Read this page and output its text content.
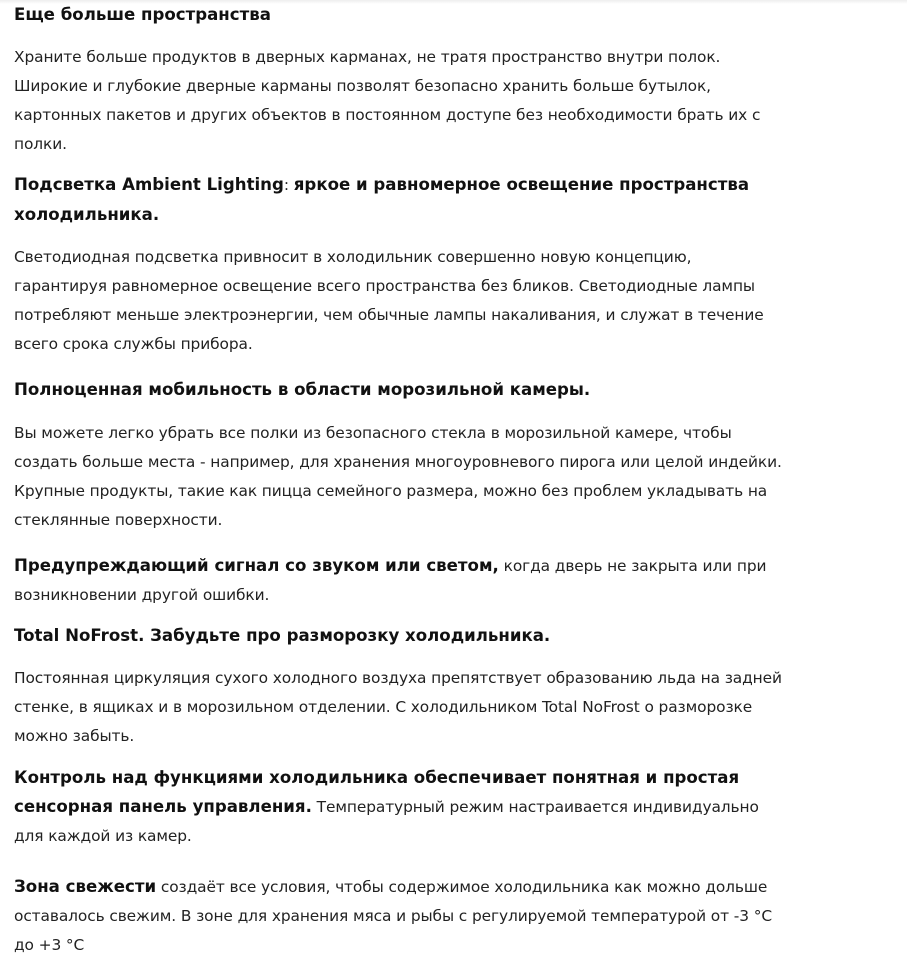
Еще больше пространства
Храните больше продуктов в дверных карманах, не тратя пространство внутри полок.
Широкие и глубокие дверные карманы позволят безопасно хранить больше бутылок,
картонных пакетов и других объектов в постоянном доступе без необходимости брать их с
полки.
Подсветка Ambient Lighting: яркое и равномерное освещение пространства
холодильника.
Светодиодная подсветка привносит в холодильник совершенно новую концепцию,
гарантируя равномерное освещение всего пространства без бликов. Светодиодные лампы
потребляют меньше электроэнергии, чем обычные лампы накаливания, и служат в течение
всего срока службы прибора.
Полноценная мобильность в области морозильной камеры.
Вы можете легко убрать все полки из безопасного стекла в морозильной камере, чтобы
создать больше места - например, для хранения многоуровневого пирога или целой индейки.
Крупные продукты, такие как пицца семейного размера, можно без проблем укладывать на
стеклянные поверхности.
Предупреждающий сигнал со звуком или светом, когда дверь не закрыта или при
возникновении другой ошибки.
Total NoFrost. Забудьте про разморозку холодильника.
Постоянная циркуляция сухого холодного воздуха препятствует образованию льда на задней
стенке, в ящиках и в морозильном отделении. С холодильником Total NoFrost о разморозке
можно забыть.
Контроль над функциями холодильника обеспечивает понятная и простая
сенсорная панель управления. Температурный режим настраивается индивидуально
для каждой из камер.
Зона свежести создаёт все условия, чтобы содержимое холодильника как можно дольше
оставалось свежим. В зоне для хранения мяса и рыбы с регулируемой температурой от -3 °C
до +3 °C
